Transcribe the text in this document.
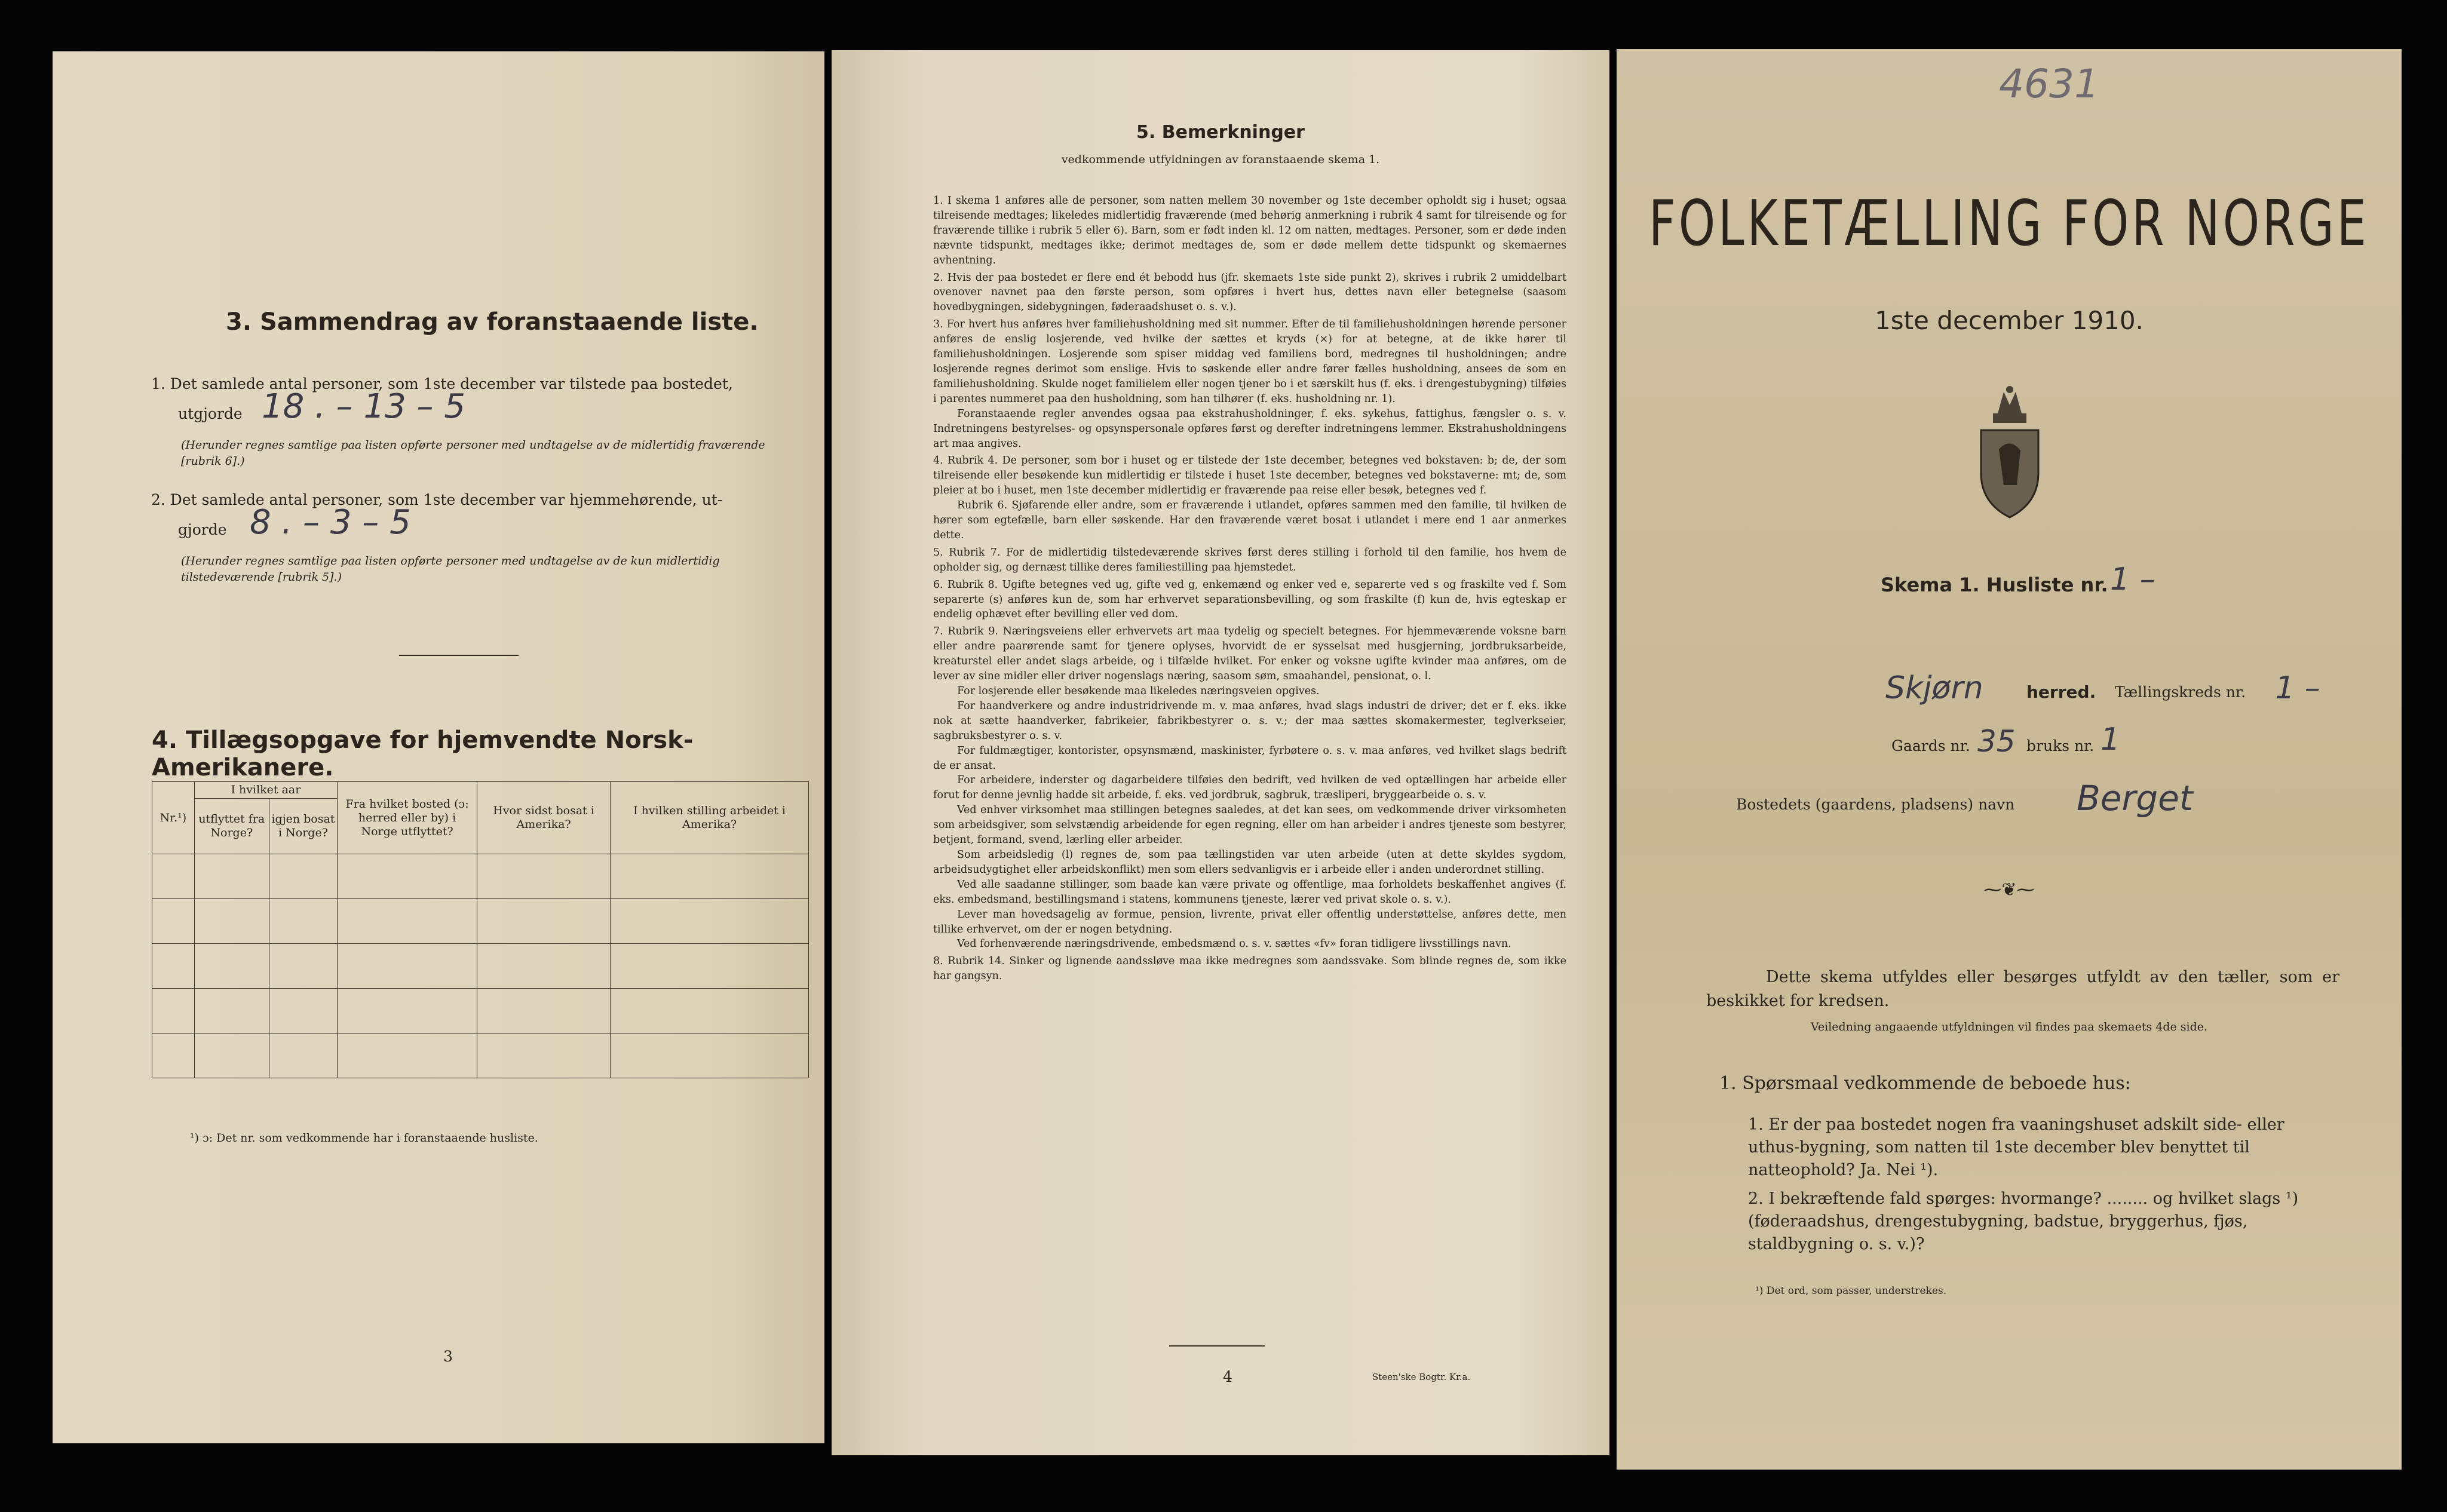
3. Sammendrag av foranstaaende liste.
1. Det samlede antal personer, som 1ste december var tilstede paa bostedet,
utgjorde 18 . – 13 – 5
(Herunder regnes samtlige paa listen opførte personer med undtagelse av de midlertidig fraværende [rubrik 6].)
2. Det samlede antal personer, som 1ste december var hjemmehørende, ut-
gjorde 8 . – 3 – 5
(Herunder regnes samtlige paa listen opførte personer med undtagelse av de kun midlertidig tilstedeværende [rubrik 5].)
4. Tillægsopgave for hjemvendte Norsk-Amerikanere.
Nr.¹)	I hvilket aar		Fra hvilket bosted (ɔ: herred eller by) i Norge utflyttet?	Hvor sidst bosat i Amerika?	I hvilken stilling arbeidet i Amerika?
	utflyttet fra Norge?	igjen bosat i Norge?			

¹) ɔ: Det nr. som vedkommende har i foranstaaende husliste.
3
5. Bemerkninger
vedkommende utfyldningen av foranstaaende skema 1.

1. I skema 1 anføres alle de personer, som natten mellem 30 november og 1ste december opholdt sig i huset; ogsaa tilreisende medtages; likeledes midlertidig fraværende (med behørig anmerkning i rubrik 4 samt for tilreisende og for fraværende tillike i rubrik 5 eller 6). Barn, som er født inden kl. 12 om natten, medtages. Personer, som er døde inden nævnte tidspunkt, medtages ikke; derimot medtages de, som er døde mellem dette tidspunkt og skemaernes avhentning.

2. Hvis der paa bostedet er flere end ét bebodd hus (jfr. skemaets 1ste side punkt 2), skrives i rubrik 2 umiddelbart ovenover navnet paa den første person, som opføres i hvert hus, dettes navn eller betegnelse (saasom hovedbygningen, sidebygningen, føderaadshuset o. s. v.).

3. For hvert hus anføres hver familiehusholdning med sit nummer. Efter de til familiehusholdningen hørende personer anføres de enslig losjerende, ved hvilke der sættes et kryds (×) for at betegne, at de ikke hører til familiehusholdningen. Losjerende som spiser middag ved familiens bord, medregnes til husholdningen; andre losjerende regnes derimot som enslige. Hvis to søskende eller andre fører fælles husholdning, ansees de som en familiehusholdning. Skulde noget familielem eller nogen tjener bo i et særskilt hus (f. eks. i drengestubygning) tilføies i parentes nummeret paa den husholdning, som han tilhører (f. eks. husholdning nr. 1).

Foranstaaende regler anvendes ogsaa paa ekstrahusholdninger, f. eks. sykehus, fattighus, fængsler o. s. v. Indretningens bestyrelses- og opsynspersonale opføres først og derefter indretningens lemmer. Ekstrahusholdningens art maa angives.

4. Rubrik 4. De personer, som bor i huset og er tilstede der 1ste december, betegnes ved bokstaven: b; de, der som tilreisende eller besøkende kun midlertidig er tilstede i huset 1ste december, betegnes ved bokstaverne: mt; de, som pleier at bo i huset, men 1ste december midlertidig er fraværende paa reise eller besøk, betegnes ved f.

Rubrik 6. Sjøfarende eller andre, som er fraværende i utlandet, opføres sammen med den familie, til hvilken de hører som egtefælle, barn eller søskende. Har den fraværende været bosat i utlandet i mere end 1 aar anmerkes dette.

5. Rubrik 7. For de midlertidig tilstedeværende skrives først deres stilling i forhold til den familie, hos hvem de opholder sig, og dernæst tillike deres familiestilling paa hjemstedet.

6. Rubrik 8. Ugifte betegnes ved ug, gifte ved g, enkemænd og enker ved e, separerte ved s og fraskilte ved f. Som separerte (s) anføres kun de, som har erhvervet separationsbevilling, og som fraskilte (f) kun de, hvis egteskap er endelig ophævet efter bevilling eller ved dom.

7. Rubrik 9. Næringsveiens eller erhvervets art maa tydelig og specielt betegnes. For hjemmeværende voksne barn eller andre paarørende samt for tjenere oplyses, hvorvidt de er sysselsat med husgjerning, jordbruksarbeide, kreaturstel eller andet slags arbeide, og i tilfælde hvilket. For enker og voksne ugifte kvinder maa anføres, om de lever av sine midler eller driver nogenslags næring, saasom søm, smaahandel, pensionat, o. l.

For losjerende eller besøkende maa likeledes næringsveien opgives.

For haandverkere og andre industridrivende m. v. maa anføres, hvad slags industri de driver; det er f. eks. ikke nok at sætte haandverker, fabrikeier, fabrikbestyrer o. s. v.; der maa sættes skomakermester, teglverkseier, sagbruksbestyrer o. s. v.

For fuldmægtiger, kontorister, opsynsmænd, maskinister, fyrbøtere o. s. v. maa anføres, ved hvilket slags bedrift de er ansat.

For arbeidere, inderster og dagarbeidere tilføies den bedrift, ved hvilken de ved optællingen har arbeide eller forut for denne jevnlig hadde sit arbeide, f. eks. ved jordbruk, sagbruk, træsliperi, bryggearbeide o. s. v.

Ved enhver virksomhet maa stillingen betegnes saaledes, at det kan sees, om vedkommende driver virksomheten som arbeidsgiver, som selvstændig arbeidende for egen regning, eller om han arbeider i andres tjeneste som bestyrer, betjent, formand, svend, lærling eller arbeider.

Som arbeidsledig (l) regnes de, som paa tællingstiden var uten arbeide (uten at dette skyldes sygdom, arbeidsudygtighet eller arbeidskonflikt) men som ellers sedvanligvis er i arbeide eller i anden underordnet stilling.

Ved alle saadanne stillinger, som baade kan være private og offentlige, maa forholdets beskaffenhet angives (f. eks. embedsmand, bestillingsmand i statens, kommunens tjeneste, lærer ved privat skole o. s. v.).

Lever man hovedsagelig av formue, pension, livrente, privat eller offentlig understøttelse, anføres dette, men tillike erhvervet, om der er nogen betydning.

Ved forhenværende næringsdrivende, embedsmænd o. s. v. sættes «fv» foran tidligere livsstillings navn.

8. Rubrik 14. Sinker og lignende aandssløve maa ikke medregnes som aandssvake. Som blinde regnes de, som ikke har gangsyn.

4	Steen'ske Bogtr. Kr.a.
4631
FOLKETÆLLING FOR NORGE
1ste december 1910.
Skema 1. Husliste nr. 1 –
Skjørn	herred. Tællingskreds nr. 1 –
Gaards nr. 35 bruks nr. 1
Bostedets (gaardens, pladsens) navn Berget
⁓❦⁓
Dette skema utfyldes eller besørges utfyldt av den tæller, som er beskikket for kredsen.
Veiledning angaaende utfyldningen vil findes paa skemaets 4de side.
1. Spørsmaal vedkommende de beboede hus:
1. Er der paa bostedet nogen fra vaaningshuset adskilt side- eller uthus-bygning, som natten til 1ste december blev benyttet til natteophold? Ja. Nei ¹).
2. I bekræftende fald spørges: hvormange? ........ og hvilket slags ¹) (føderaadshus, drengestubygning, badstue, bryggerhus, fjøs, staldbygning o. s. v.)?
¹) Det ord, som passer, understrekes.
